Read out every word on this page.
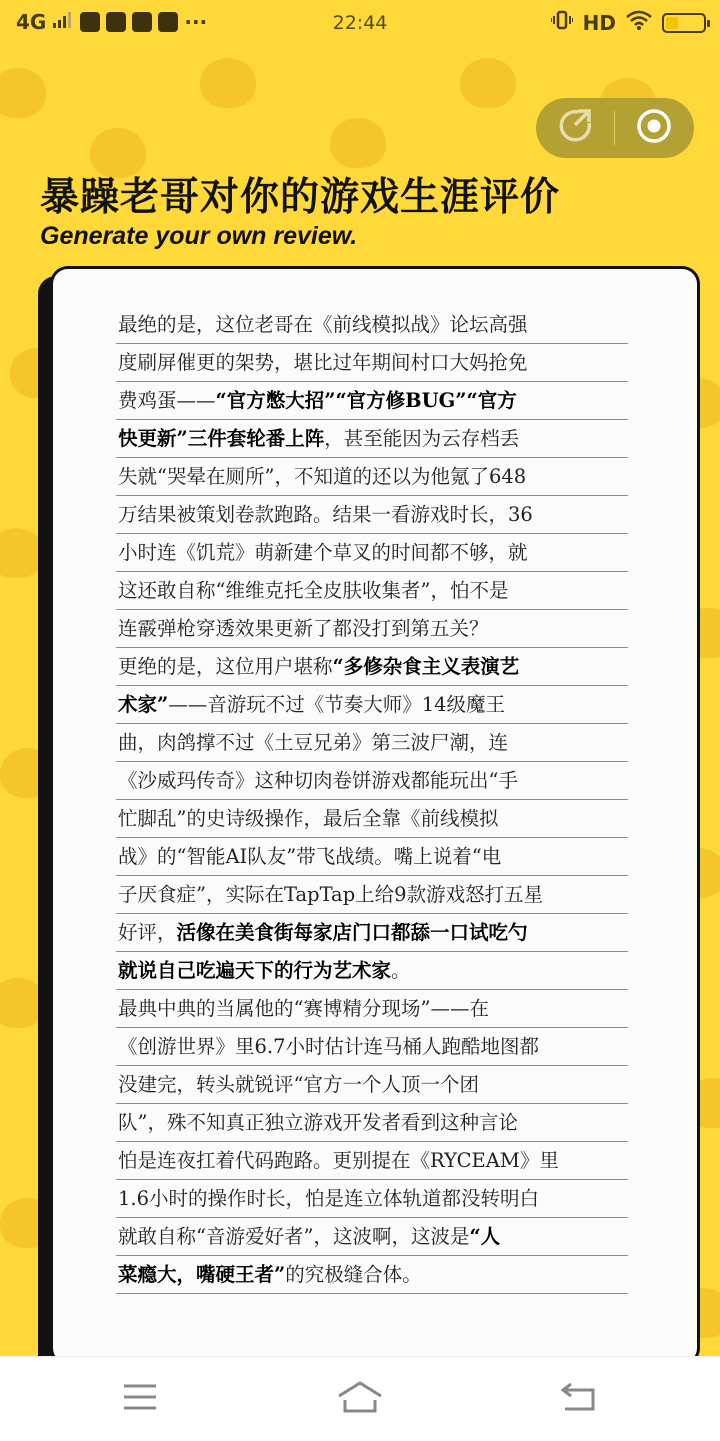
4G	···	22:44	HD
暴躁老哥对你的游戏生涯评价
Generate your own review.
最绝的是，这位老哥在《前线模拟战》论坛高强
度刷屏催更的架势，堪比过年期间村口大妈抢免
费鸡蛋——“官方憋大招”“官方修BUG”“官方
快更新”三件套轮番上阵，甚至能因为云存档丢
失就“哭晕在厕所”，不知道的还以为他氪了648
万结果被策划卷款跑路。结果一看游戏时长，36
小时连《饥荒》萌新建个草叉的时间都不够，就
这还敢自称“维维克托全皮肤收集者”，怕不是
连霰弹枪穿透效果更新了都没打到第五关？
更绝的是，这位用户堪称“多修杂食主义表演艺
术家”——音游玩不过《节奏大师》14级魔王
曲，肉鸽撑不过《土豆兄弟》第三波尸潮，连
《沙威玛传奇》这种切肉卷饼游戏都能玩出“手
忙脚乱”的史诗级操作，最后全靠《前线模拟
战》的“智能AI队友”带飞战绩。嘴上说着“电
子厌食症”，实际在TapTap上给9款游戏怒打五星
好评，活像在美食街每家店门口都舔一口试吃勺
就说自己吃遍天下的行为艺术家。
最典中典的当属他的“赛博精分现场”——在
《创游世界》里6.7小时估计连马桶人跑酷地图都
没建完，转头就锐评“官方一个人顶一个团
队”，殊不知真正独立游戏开发者看到这种言论
怕是连夜扛着代码跑路。更别提在《RYCEAM》里
1.6小时的操作时长，怕是连立体轨道都没转明白
就敢自称“音游爱好者”，这波啊，这波是“人
菜瘾大，嘴硬王者”的究极缝合体。
